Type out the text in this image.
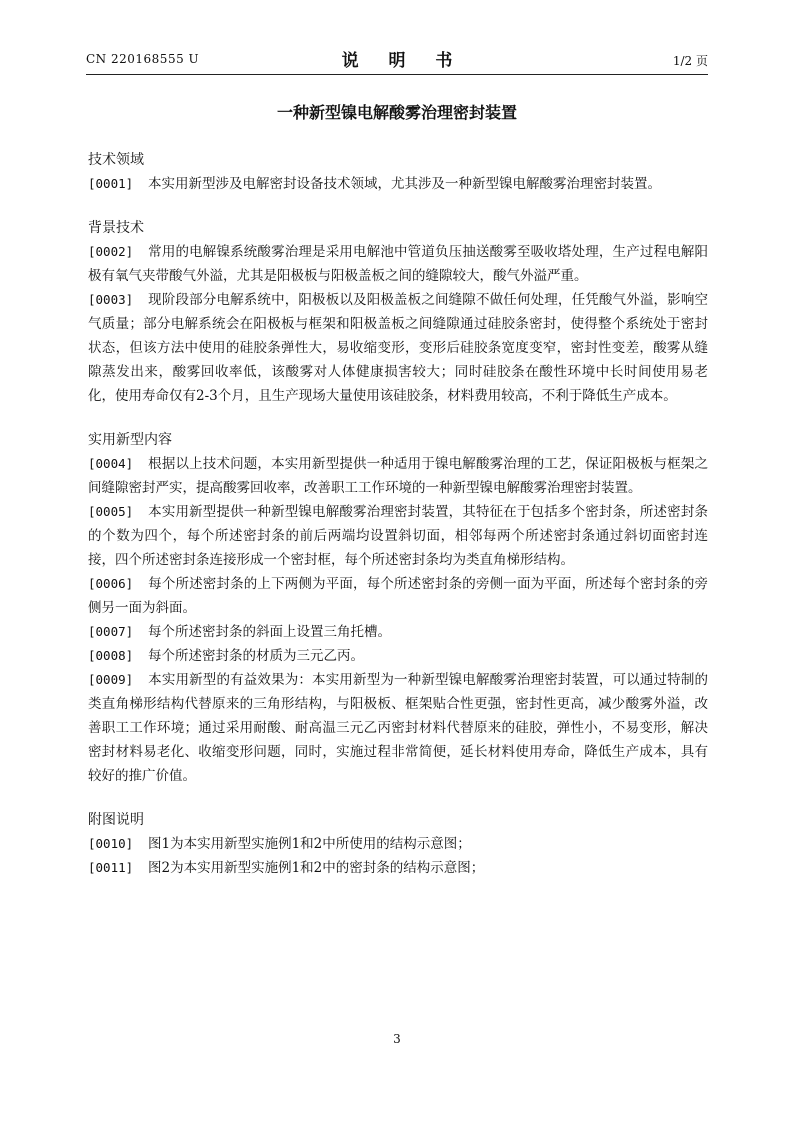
CN 220168555 U	说 明 书	1/2 页
一种新型镍电解酸雾治理密封装置
技术领域

[0001] 本实用新型涉及电解密封设备技术领域，尤其涉及一种新型镍电解酸雾治理密封装置。

背景技术

[0002] 常用的电解镍系统酸雾治理是采用电解池中管道负压抽送酸雾至吸收塔处理，生产过程电解阳极有氧气夹带酸气外溢，尤其是阳极板与阳极盖板之间的缝隙较大，酸气外溢严重。

[0003] 现阶段部分电解系统中，阳极板以及阳极盖板之间缝隙不做任何处理，任凭酸气外溢，影响空气质量；部分电解系统会在阳极板与框架和阳极盖板之间缝隙通过硅胶条密封，使得整个系统处于密封状态，但该方法中使用的硅胶条弹性大，易收缩变形，变形后硅胶条宽度变窄，密封性变差，酸雾从缝隙蒸发出来，酸雾回收率低，该酸雾对人体健康损害较大；同时硅胶条在酸性环境中长时间使用易老化，使用寿命仅有2-3个月，且生产现场大量使用该硅胶条，材料费用较高，不利于降低生产成本。

实用新型内容

[0004] 根据以上技术问题，本实用新型提供一种适用于镍电解酸雾治理的工艺，保证阳极板与框架之间缝隙密封严实，提高酸雾回收率，改善职工工作环境的一种新型镍电解酸雾治理密封装置。

[0005] 本实用新型提供一种新型镍电解酸雾治理密封装置，其特征在于包括多个密封条，所述密封条的个数为四个，每个所述密封条的前后两端均设置斜切面，相邻每两个所述密封条通过斜切面密封连接，四个所述密封条连接形成一个密封框，每个所述密封条均为类直角梯形结构。

[0006] 每个所述密封条的上下两侧为平面，每个所述密封条的旁侧一面为平面，所述每个密封条的旁侧另一面为斜面。

[0007] 每个所述密封条的斜面上设置三角托槽。

[0008] 每个所述密封条的材质为三元乙丙。

[0009] 本实用新型的有益效果为：本实用新型为一种新型镍电解酸雾治理密封装置，可以通过特制的类直角梯形结构代替原来的三角形结构，与阳极板、框架贴合性更强，密封性更高，减少酸雾外溢，改善职工工作环境；通过采用耐酸、耐高温三元乙丙密封材料代替原来的硅胶，弹性小，不易变形，解决密封材料易老化、收缩变形问题，同时，实施过程非常简便，延长材料使用寿命，降低生产成本，具有较好的推广价值。

附图说明

[0010] 图1为本实用新型实施例1和2中所使用的结构示意图；

[0011] 图2为本实用新型实施例1和2中的密封条的结构示意图；

3
